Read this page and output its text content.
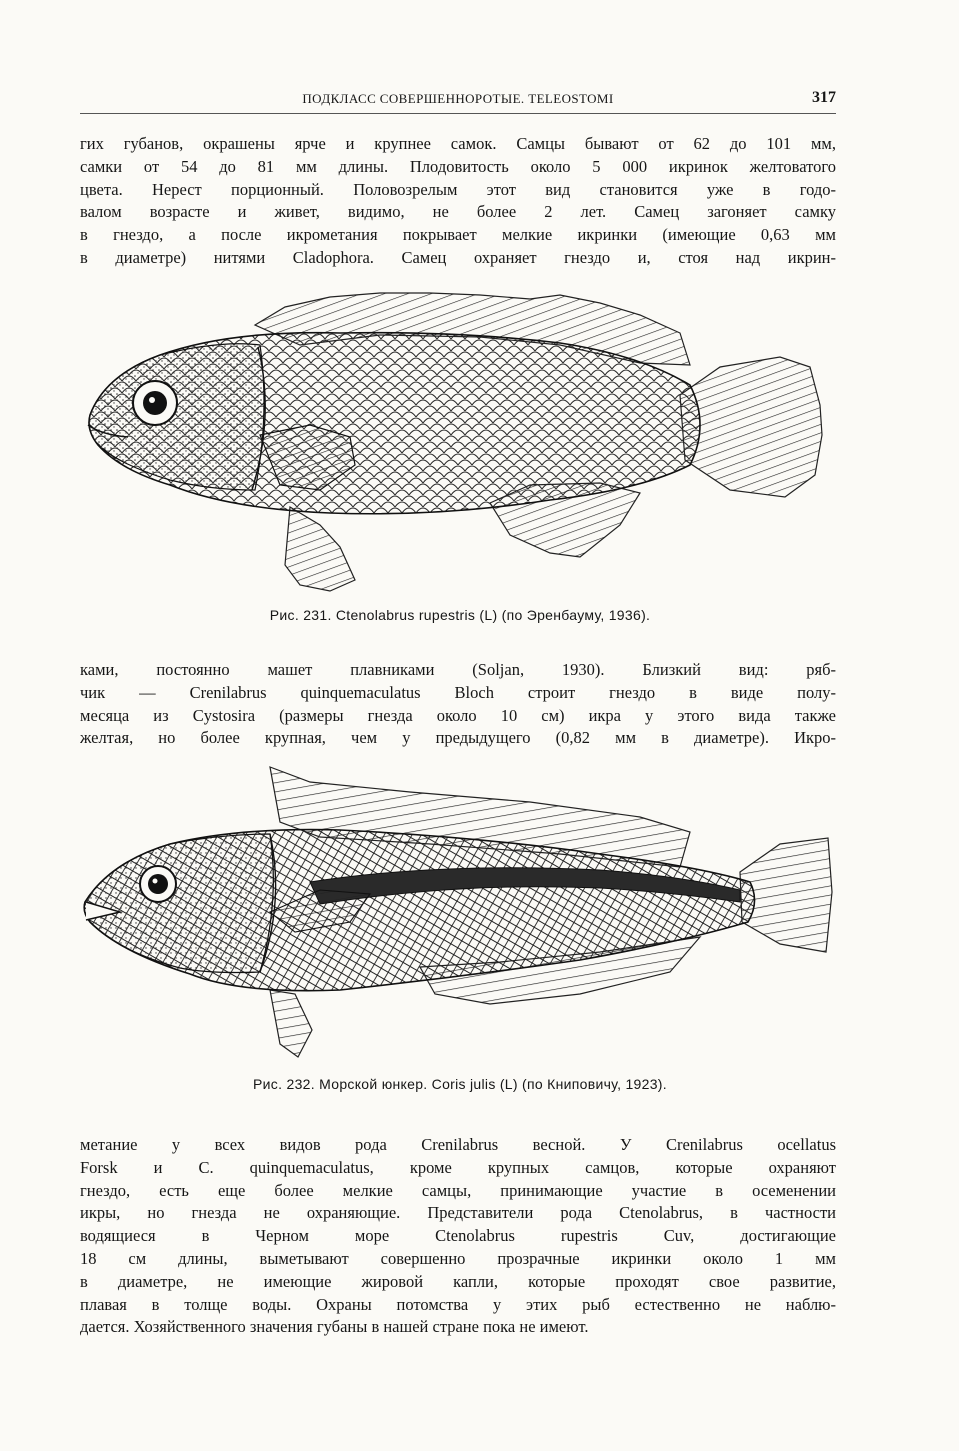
ПОДКЛАСС СОВЕРШЕННОРОТЫЕ. TELEOSTOMI	317
гих губанов, окрашены ярче и крупнее самок. Самцы бывают от 62 до 101 мм,
самки от 54 до 81 мм длины. Плодовитость около 5 000 икринок желтоватого
цвета. Нерест порционный. Половозрелым этот вид становится уже в годо-
валом возрасте и живет, видимо, не более 2 лет. Самец загоняет самку
в гнездо, а после икрометания покрывает мелкие икринки (имеющие 0,63 мм
в диаметре) нитями Cladophora. Самец охраняет гнездо и, стоя над икрин-
Рис. 231. Ctenolabrus rupestris (L) (по Эренбауму, 1936).
ками, постоянно машет плавниками (Soljan, 1930). Близкий вид: ряб-
чик — Crenilabrus quinquemaculatus Bloch строит гнездо в виде полу-
месяца из Cystosira (размеры гнезда около 10 см) икра у этого вида также
желтая, но более крупная, чем у предыдущего (0,82 мм в диаметре). Икро-
Рис. 232. Морской юнкер. Coris julis (L) (по Книповичу, 1923).
метание у всех видов рода Crenilabrus весной. У Crenilabrus ocellatus
Forsk и C. quinquemaculatus, кроме крупных самцов, которые охраняют
гнездо, есть еще более мелкие самцы, принимающие участие в осеменении
икры, но гнезда не охраняющие. Представители рода Ctenolabrus, в частности
водящиеся в Черном море Ctenolabrus rupestris Cuv, достигающие
18 см длины, выметывают совершенно прозрачные икринки около 1 мм
в диаметре, не имеющие жировой капли, которые проходят свое развитие,
плавая в толще воды. Охраны потомства у этих рыб естественно не наблю-
дается. Хозяйственного значения губаны в нашей стране пока не имеют.
